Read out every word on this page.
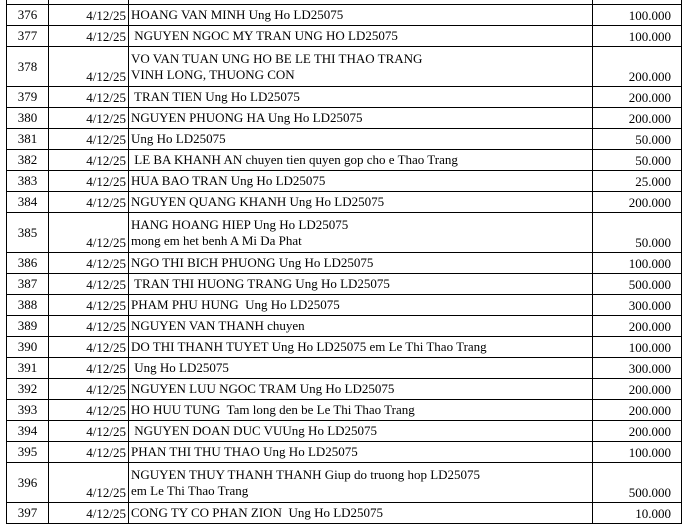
376	4/12/25	HOANG VAN MINH Ung Ho LD25075	100.000
377	4/12/25	NGUYEN NGOC MY TRAN UNG HO LD25075	100.000
378	4/12/25	VO VAN TUAN UNG HO BE LE THI THAO TRANG
VINH LONG, THUONG CON	200.000
379	4/12/25	TRAN TIEN Ung Ho LD25075	200.000
380	4/12/25	NGUYEN PHUONG HA Ung Ho LD25075	200.000
381	4/12/25	Ung Ho LD25075	50.000
382	4/12/25	LE BA KHANH AN chuyen tien quyen gop cho e Thao Trang	50.000
383	4/12/25	HUA BAO TRAN Ung Ho LD25075	25.000
384	4/12/25	NGUYEN QUANG KHANH Ung Ho LD25075	200.000
385	4/12/25	HANG HOANG HIEP Ung Ho LD25075
mong em het benh A Mi Da Phat	50.000
386	4/12/25	NGO THI BICH PHUONG Ung Ho LD25075	100.000
387	4/12/25	TRAN THI HUONG TRANG Ung Ho LD25075	500.000
388	4/12/25	PHAM PHU HUNG  Ung Ho LD25075	300.000
389	4/12/25	NGUYEN VAN THANH chuyen	200.000
390	4/12/25	DO THI THANH TUYET Ung Ho LD25075 em Le Thi Thao Trang	100.000
391	4/12/25	Ung Ho LD25075	300.000
392	4/12/25	NGUYEN LUU NGOC TRAM Ung Ho LD25075	200.000
393	4/12/25	HO HUU TUNG  Tam long den be Le Thi Thao Trang	200.000
394	4/12/25	NGUYEN DOAN DUC VUUng Ho LD25075	200.000
395	4/12/25	PHAN THI THU THAO Ung Ho LD25075	100.000
396	4/12/25	NGUYEN THUY THANH THANH Giup do truong hop LD25075
em Le Thi Thao Trang	500.000
397	4/12/25	CONG TY CO PHAN ZION  Ung Ho LD25075	10.000
